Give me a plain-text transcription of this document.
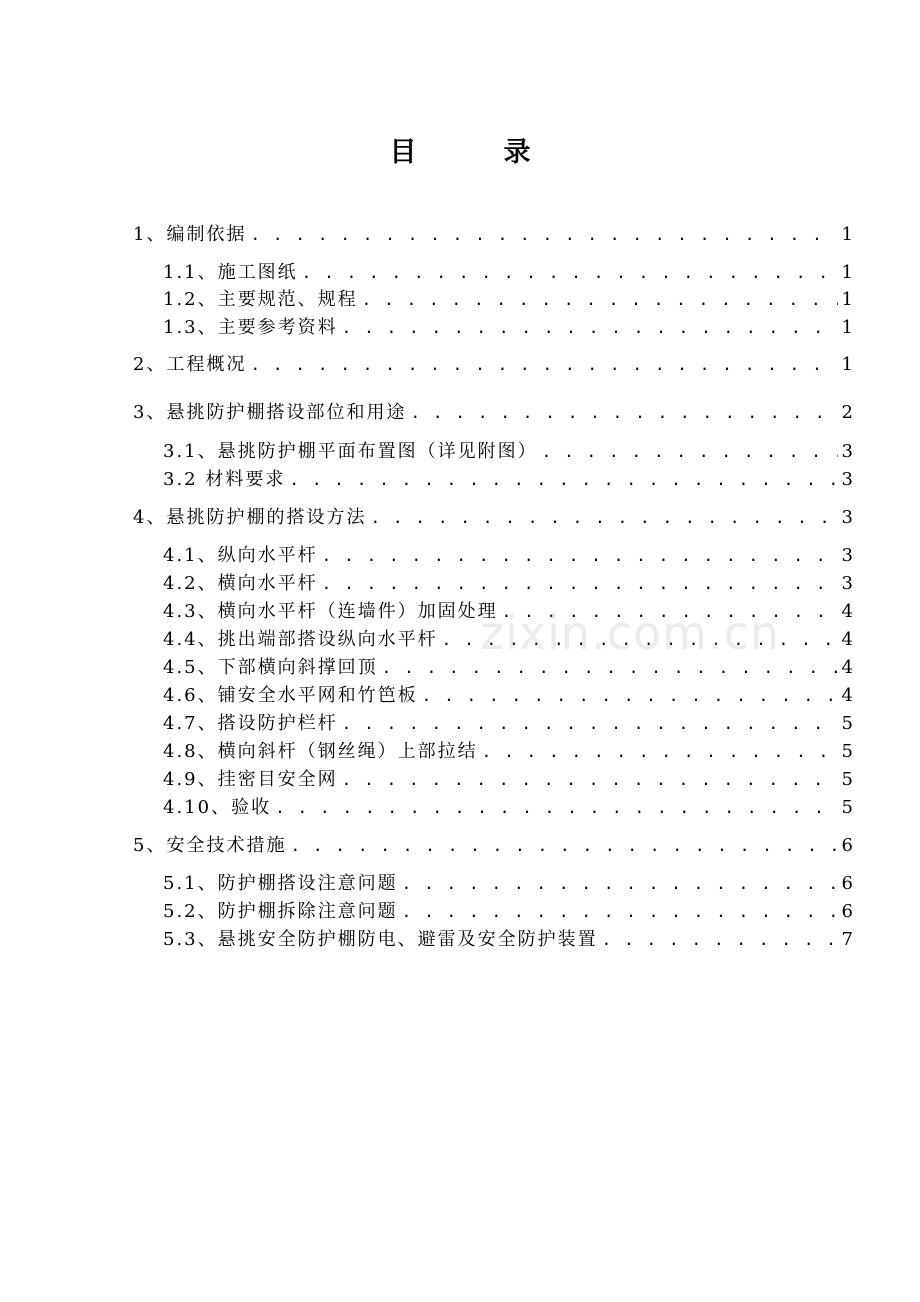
目　录
1、编制依据 . . .	1
1.1、施工图纸 . . .	1
1.2、主要规范、规程 . . .	1
1.3、主要参考资料 . . .	1
2、工程概况 . . .	1
3、悬挑防护棚搭设部位和用途 . . .	2
3.1、悬挑防护棚平面布置图（详见附图） . . .	3
3.2 材料要求 . . .	3
4、悬挑防护棚的搭设方法 . . .	3
4.1、纵向水平杆 . . .	3
4.2、横向水平杆 . . .	3
4.3、横向水平杆（连墙件）加固处理 . . .	4
4.4、挑出端部搭设纵向水平杆 . . .	4
4.5、下部横向斜撑回顶 . . .	4
4.6、铺安全水平网和竹笆板 . . .	4
4.7、搭设防护栏杆 . . .	5
4.8、横向斜杆（钢丝绳）上部拉结 . . .	5
4.9、挂密目安全网 . . .	5
4.10、验收 . . .	5
5、安全技术措施 . . .	6
5.1、防护棚搭设注意问题 . . .	6
5.2、防护棚拆除注意问题 . . .	6
5.3、悬挑安全防护棚防电、避雷及安全防护装置 . . .	7
zixin.com.cn
